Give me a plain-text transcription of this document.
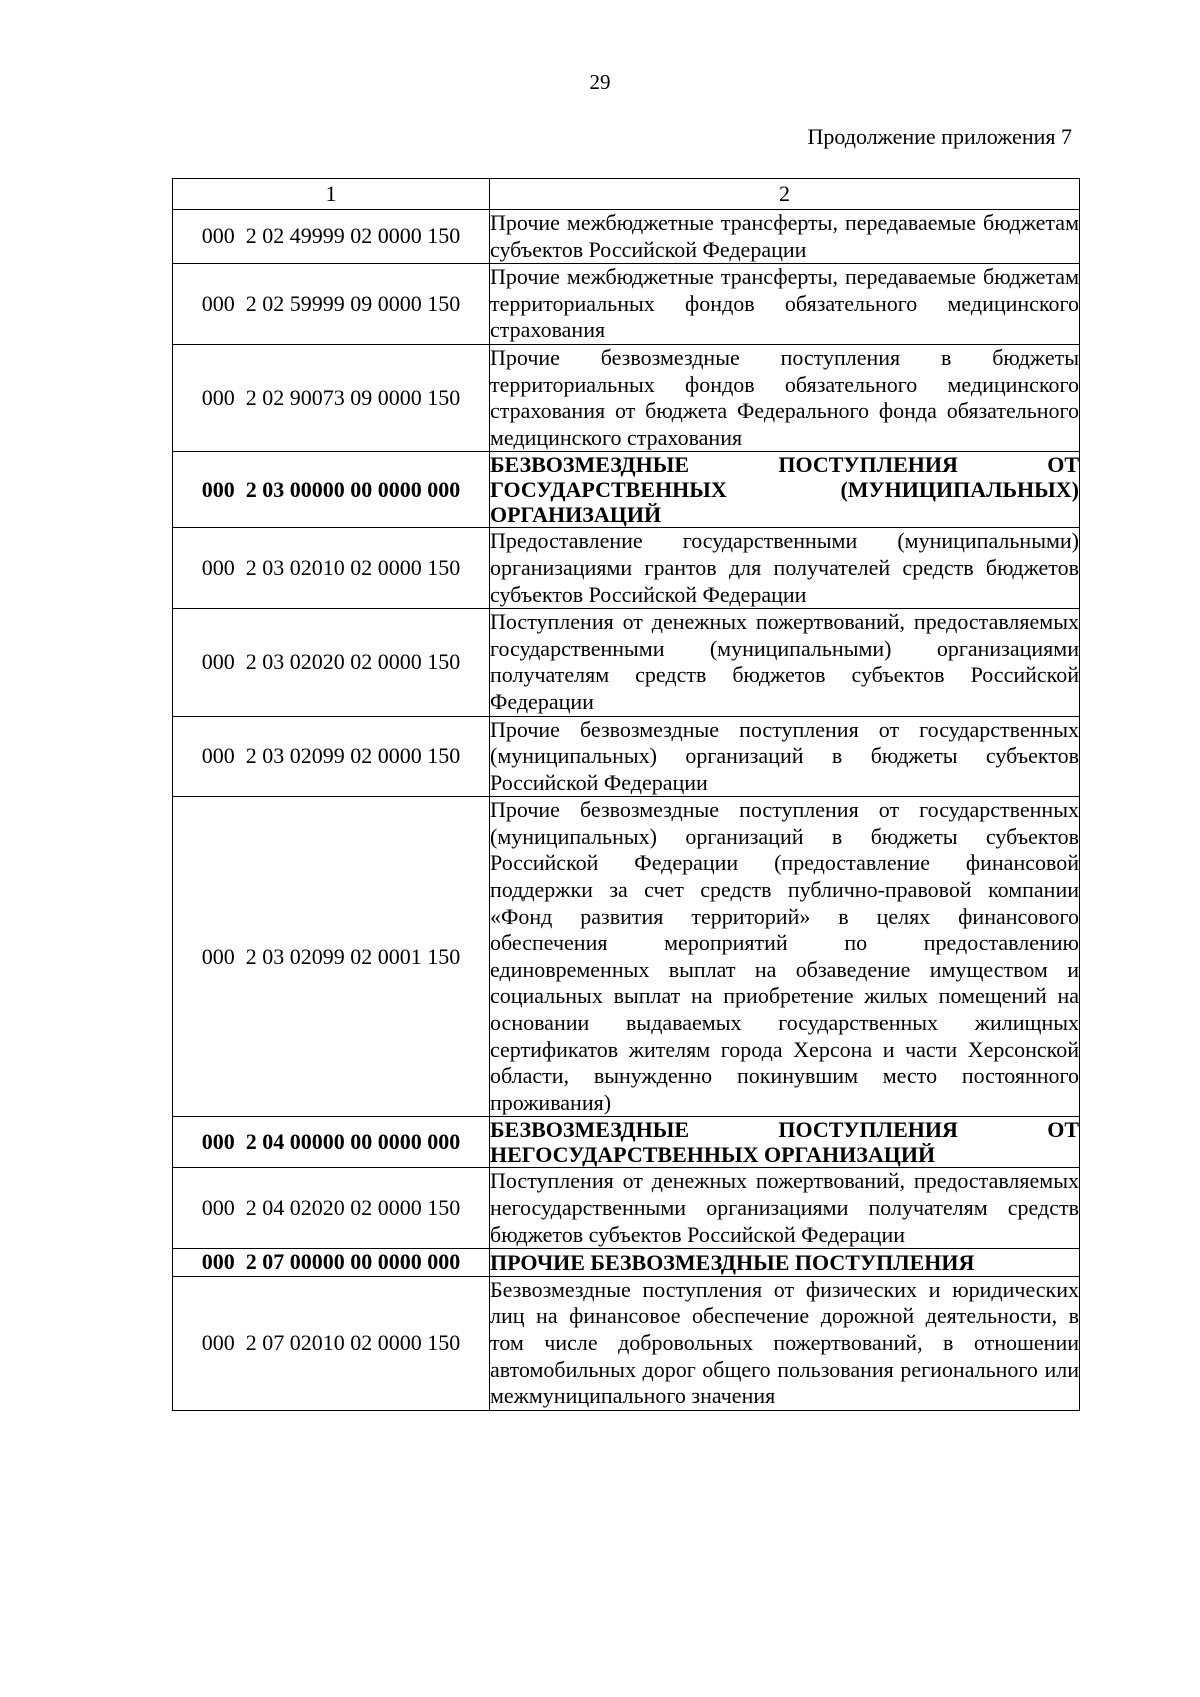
29
Продолжение приложения 7
1	2
000  2 02 49999 02 0000 150	Прочие межбюджетные трансферты, передаваемые бюджетам субъектов Российской Федерации
000  2 02 59999 09 0000 150	Прочие межбюджетные трансферты, передаваемые бюджетам территориальных фондов обязательного медицинского страхования
000  2 02 90073 09 0000 150	Прочие безвозмездные поступления в бюджеты территориальных фондов обязательного медицинского страхования от бюджета Федерального фонда обязательного медицинского страхования
000  2 03 00000 00 0000 000	БЕЗВОЗМЕЗДНЫЕ ПОСТУПЛЕНИЯ ОТ ГОСУДАРСТВЕННЫХ (МУНИЦИПАЛЬНЫХ) ОРГАНИЗАЦИЙ
000  2 03 02010 02 0000 150	Предоставление государственными (муниципальными) организациями грантов для получателей средств бюджетов субъектов Российской Федерации
000  2 03 02020 02 0000 150	Поступления от денежных пожертвований, предоставляемых государственными (муниципальными) организациями получателям средств бюджетов субъектов Российской Федерации
000  2 03 02099 02 0000 150	Прочие безвозмездные поступления от государственных (муниципальных) организаций в бюджеты субъектов Российской Федерации
000  2 03 02099 02 0001 150	Прочие безвозмездные поступления от государственных (муниципальных) организаций в бюджеты субъектов Российской Федерации (предоставление финансовой поддержки за счет средств публично-правовой компании «Фонд развития территорий» в целях финансового обеспечения мероприятий по предоставлению единовременных выплат на обзаведение имуществом и социальных выплат на приобретение жилых помещений на основании выдаваемых государственных жилищных сертификатов жителям города Херсона и части Херсонской области, вынужденно покинувшим место постоянного проживания)
000  2 04 00000 00 0000 000	БЕЗВОЗМЕЗДНЫЕ ПОСТУПЛЕНИЯ ОТ НЕГОСУДАРСТВЕННЫХ ОРГАНИЗАЦИЙ
000  2 04 02020 02 0000 150	Поступления от денежных пожертвований, предоставляемых негосударственными организациями получателям средств бюджетов субъектов Российской Федерации
000  2 07 00000 00 0000 000	ПРОЧИЕ БЕЗВОЗМЕЗДНЫЕ ПОСТУПЛЕНИЯ
000  2 07 02010 02 0000 150	Безвозмездные поступления от физических и юридических лиц на финансовое обеспечение дорожной деятельности, в том числе добровольных пожертвований, в отношении автомобильных дорог общего пользования регионального или межмуниципального значения
